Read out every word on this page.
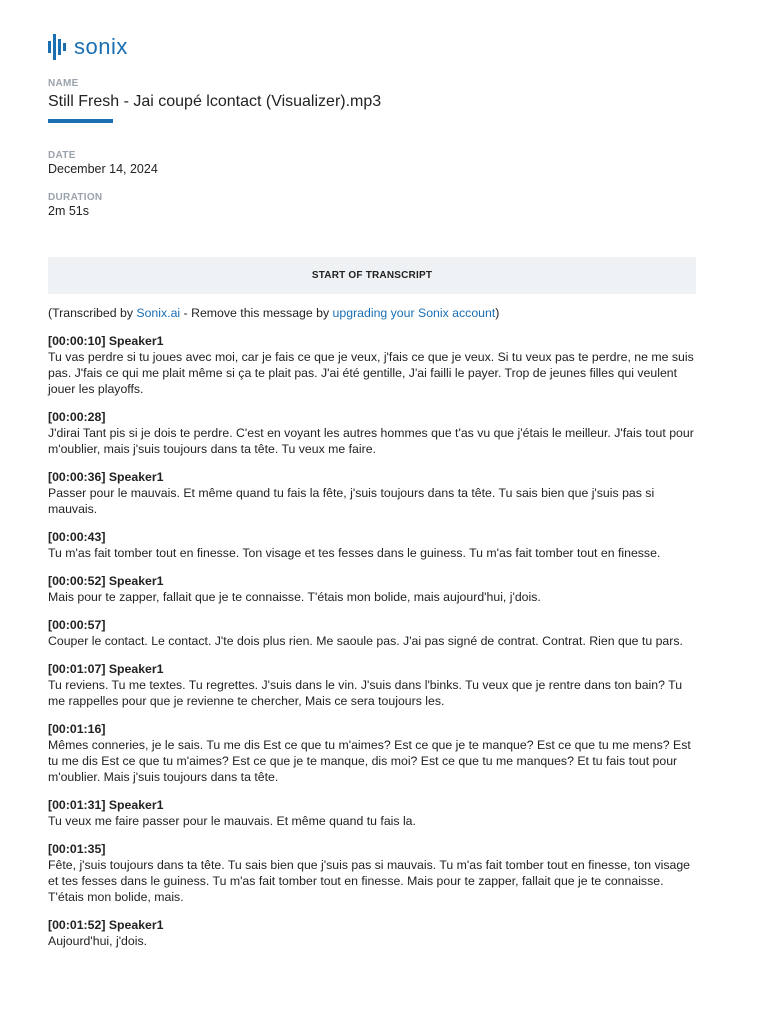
sonix
NAME
Still Fresh - Jai coupé lcontact (Visualizer).mp3
DATE
December 14, 2024
DURATION
2m 51s
START OF TRANSCRIPT

(Transcribed by Sonix.ai - Remove this message by upgrading your Sonix account)

[00:00:10] Speaker1

Tu vas perdre si tu joues avec moi, car je fais ce que je veux, j'fais ce que je veux. Si tu veux pas te perdre, ne me suis pas. J'fais ce qui me plait même si ça te plait pas. J'ai été gentille, J'ai failli le payer. Trop de jeunes filles qui veulent jouer les playoffs.

[00:00:28]

J'dirai Tant pis si je dois te perdre. C'est en voyant les autres hommes que t'as vu que j'étais le meilleur. J'fais tout pour m'oublier, mais j'suis toujours dans ta tête. Tu veux me faire.

[00:00:36] Speaker1

Passer pour le mauvais. Et même quand tu fais la fête, j'suis toujours dans ta tête. Tu sais bien que j'suis pas si mauvais.

[00:00:43]

Tu m'as fait tomber tout en finesse. Ton visage et tes fesses dans le guiness. Tu m'as fait tomber tout en finesse.

[00:00:52] Speaker1

Mais pour te zapper, fallait que je te connaisse. T'étais mon bolide, mais aujourd'hui, j'dois.

[00:00:57]

Couper le contact. Le contact. J'te dois plus rien. Me saoule pas. J'ai pas signé de contrat. Contrat. Rien que tu pars.

[00:01:07] Speaker1

Tu reviens. Tu me textes. Tu regrettes. J'suis dans le vin. J'suis dans l'binks. Tu veux que je rentre dans ton bain? Tu me rappelles pour que je revienne te chercher, Mais ce sera toujours les.

[00:01:16]

Mêmes conneries, je le sais. Tu me dis Est ce que tu m'aimes? Est ce que je te manque? Est ce que tu me mens? Est tu me dis Est ce que tu m'aimes? Est ce que je te manque, dis moi? Est ce que tu me manques? Et tu fais tout pour m'oublier. Mais j'suis toujours dans ta tête.

[00:01:31] Speaker1

Tu veux me faire passer pour le mauvais. Et même quand tu fais la.

[00:01:35]

Fête, j'suis toujours dans ta tête. Tu sais bien que j'suis pas si mauvais. Tu m'as fait tomber tout en finesse, ton visage et tes fesses dans le guiness. Tu m'as fait tomber tout en finesse. Mais pour te zapper, fallait que je te connaisse. T'étais mon bolide, mais.

[00:01:52] Speaker1

Aujourd'hui, j'dois.
